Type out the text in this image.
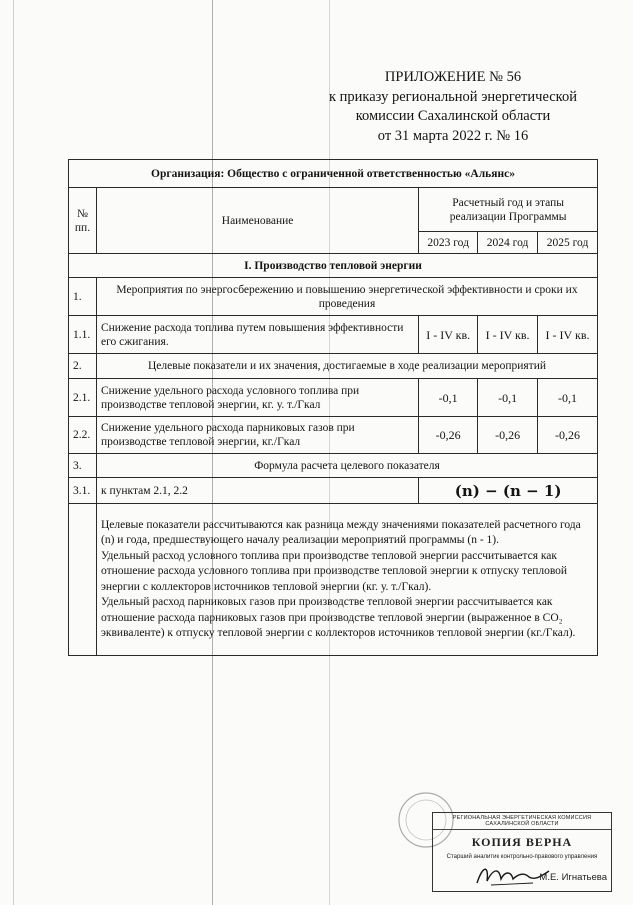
ПРИЛОЖЕНИЕ № 56
к приказу региональной энергетической
комиссии Сахалинской области
от 31 марта 2022 г. № 16
Организация: Общество с ограниченной ответственностью «Альянс»				
№ пп.	Наименование	Расчетный год и этапы реализации Программы		
		2023 год	2024 год	2025 год
I. Производство тепловой энергии				
1.	Мероприятия по энергосбережению и повышению энергетической эффективности и сроки их проведения			
1.1.	Снижение расхода топлива путем повышения эффективности его сжигания.	I - IV кв.	I - IV кв.	I - IV кв.
2.	Целевые показатели и их значения, достигаемые в ходе реализации мероприятий			
2.1.	Снижение удельного расхода условного топлива при производстве тепловой энергии, кг. у. т./Гкал	-0,1	-0,1	-0,1
2.2.	Снижение удельного расхода парниковых газов при производстве тепловой энергии, кг./Гкал	-0,26	-0,26	-0,26
3.	Формула расчета целевого показателя			
3.1.	к пунктам 2.1, 2.2	(n) − (n − 1)		

	Целевые показатели рассчитываются как разница между значениями показателей расчетного года (n) и года, предшествующего началу реализации мероприятий программы (n - 1).

Удельный расход условного топлива при производстве тепловой энергии рассчитывается как отношение расхода условного топлива при производстве тепловой энергии к отпуску тепловой энергии с коллекторов источников тепловой энергии (кг. у. т./Гкал).

Удельный расход парниковых газов при производстве тепловой энергии рассчитывается как отношение расхода парниковых газов при производстве тепловой энергии (выраженное в CO₂ эквиваленте) к отпуску тепловой энергии с коллекторов источников тепловой энергии (кг./Гкал).			

РЕГИОНАЛЬНАЯ ЭНЕРГЕТИЧЕСКАЯ КОМИССИЯ САХАЛИНСКОЙ ОБЛАСТИ
КОПИЯ ВЕРНА
Старший аналитик контрольно-правового управления
М.Е. Игнатьева
